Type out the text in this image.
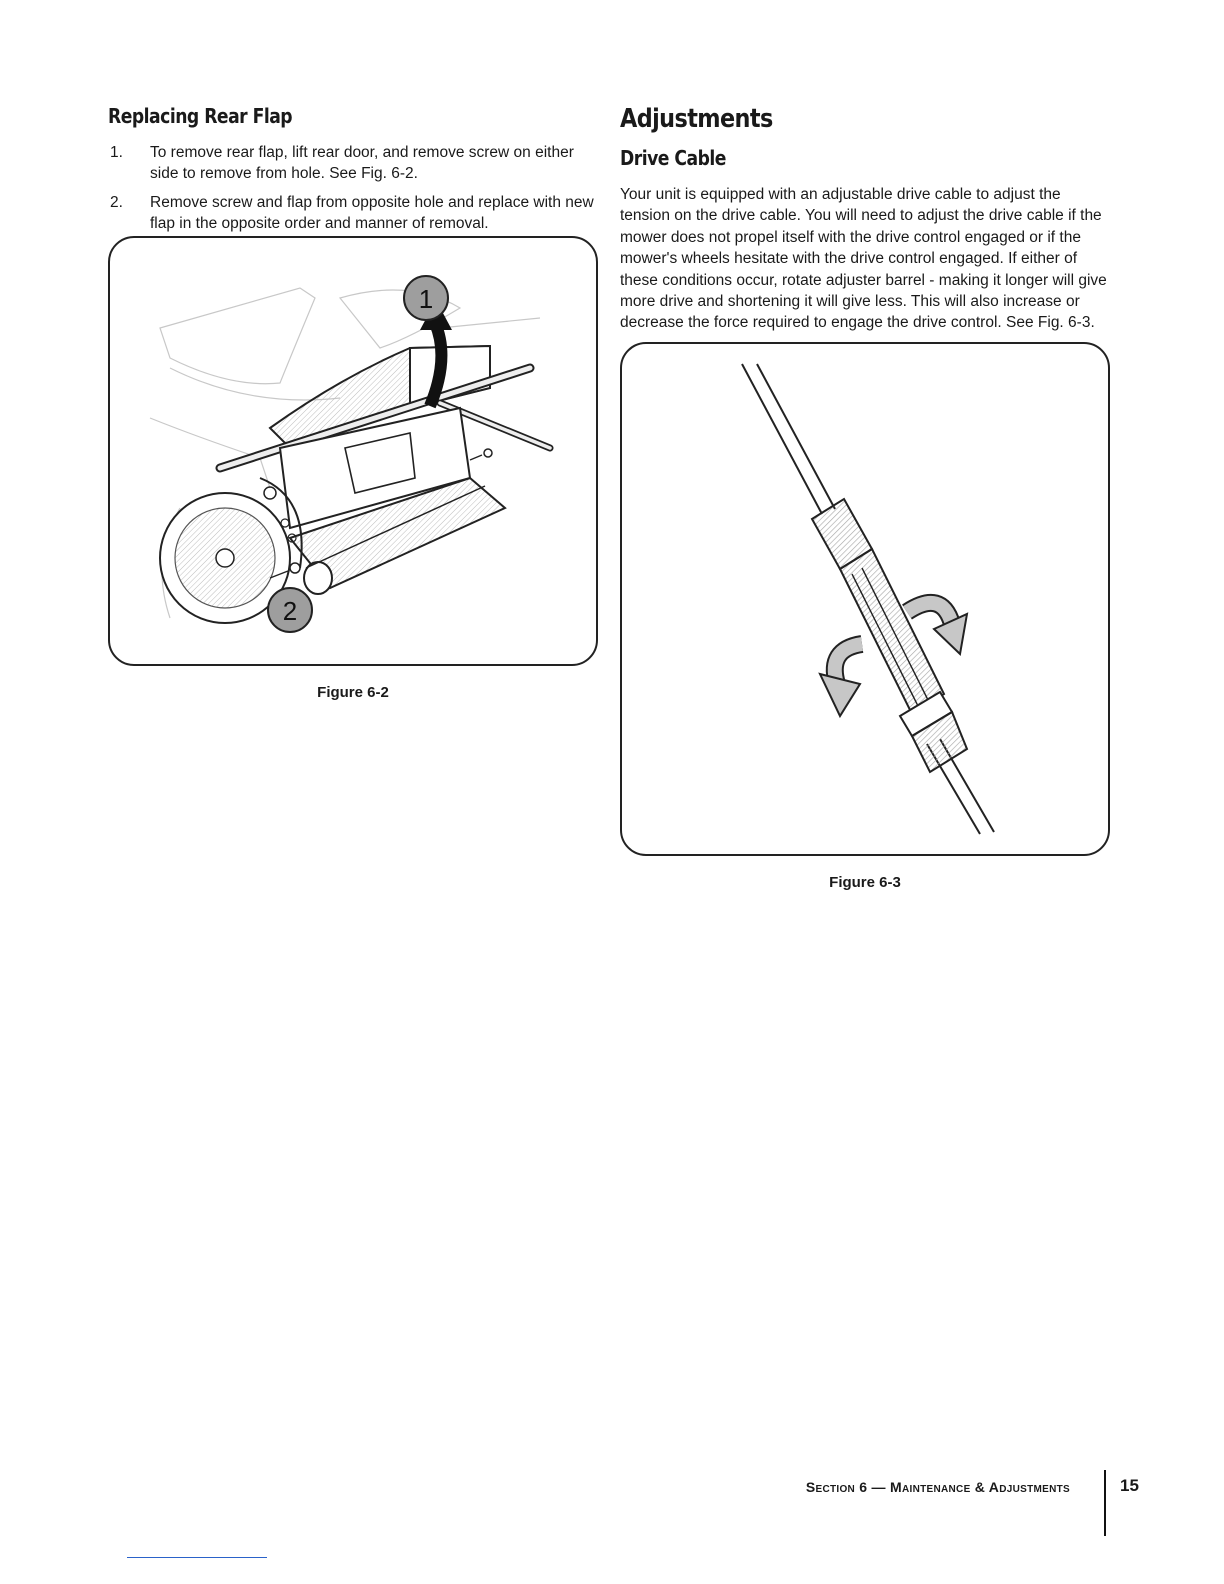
Replacing Rear Flap
1. To remove rear flap, lift rear door, and remove screw on either side to remove from hole. See Fig. 6-2.
2. Remove screw and flap from opposite hole and replace with new flap in the opposite order and manner of removal.
1
2
Figure 6-2
Adjustments
Drive Cable

Your unit is equipped with an adjustable drive cable to adjust the tension on the drive cable. You will need to adjust the drive cable if the mower does not propel itself with the drive control engaged or if the mower's wheels hesitate with the drive control engaged. If either of these conditions occur, rotate adjuster barrel - making it longer will give more drive and shortening it will give less. This will also increase or decrease the force required to engage the drive control. See Fig. 6-3.

Figure 6-3
Section 6 — Maintenance & Adjustments	15
